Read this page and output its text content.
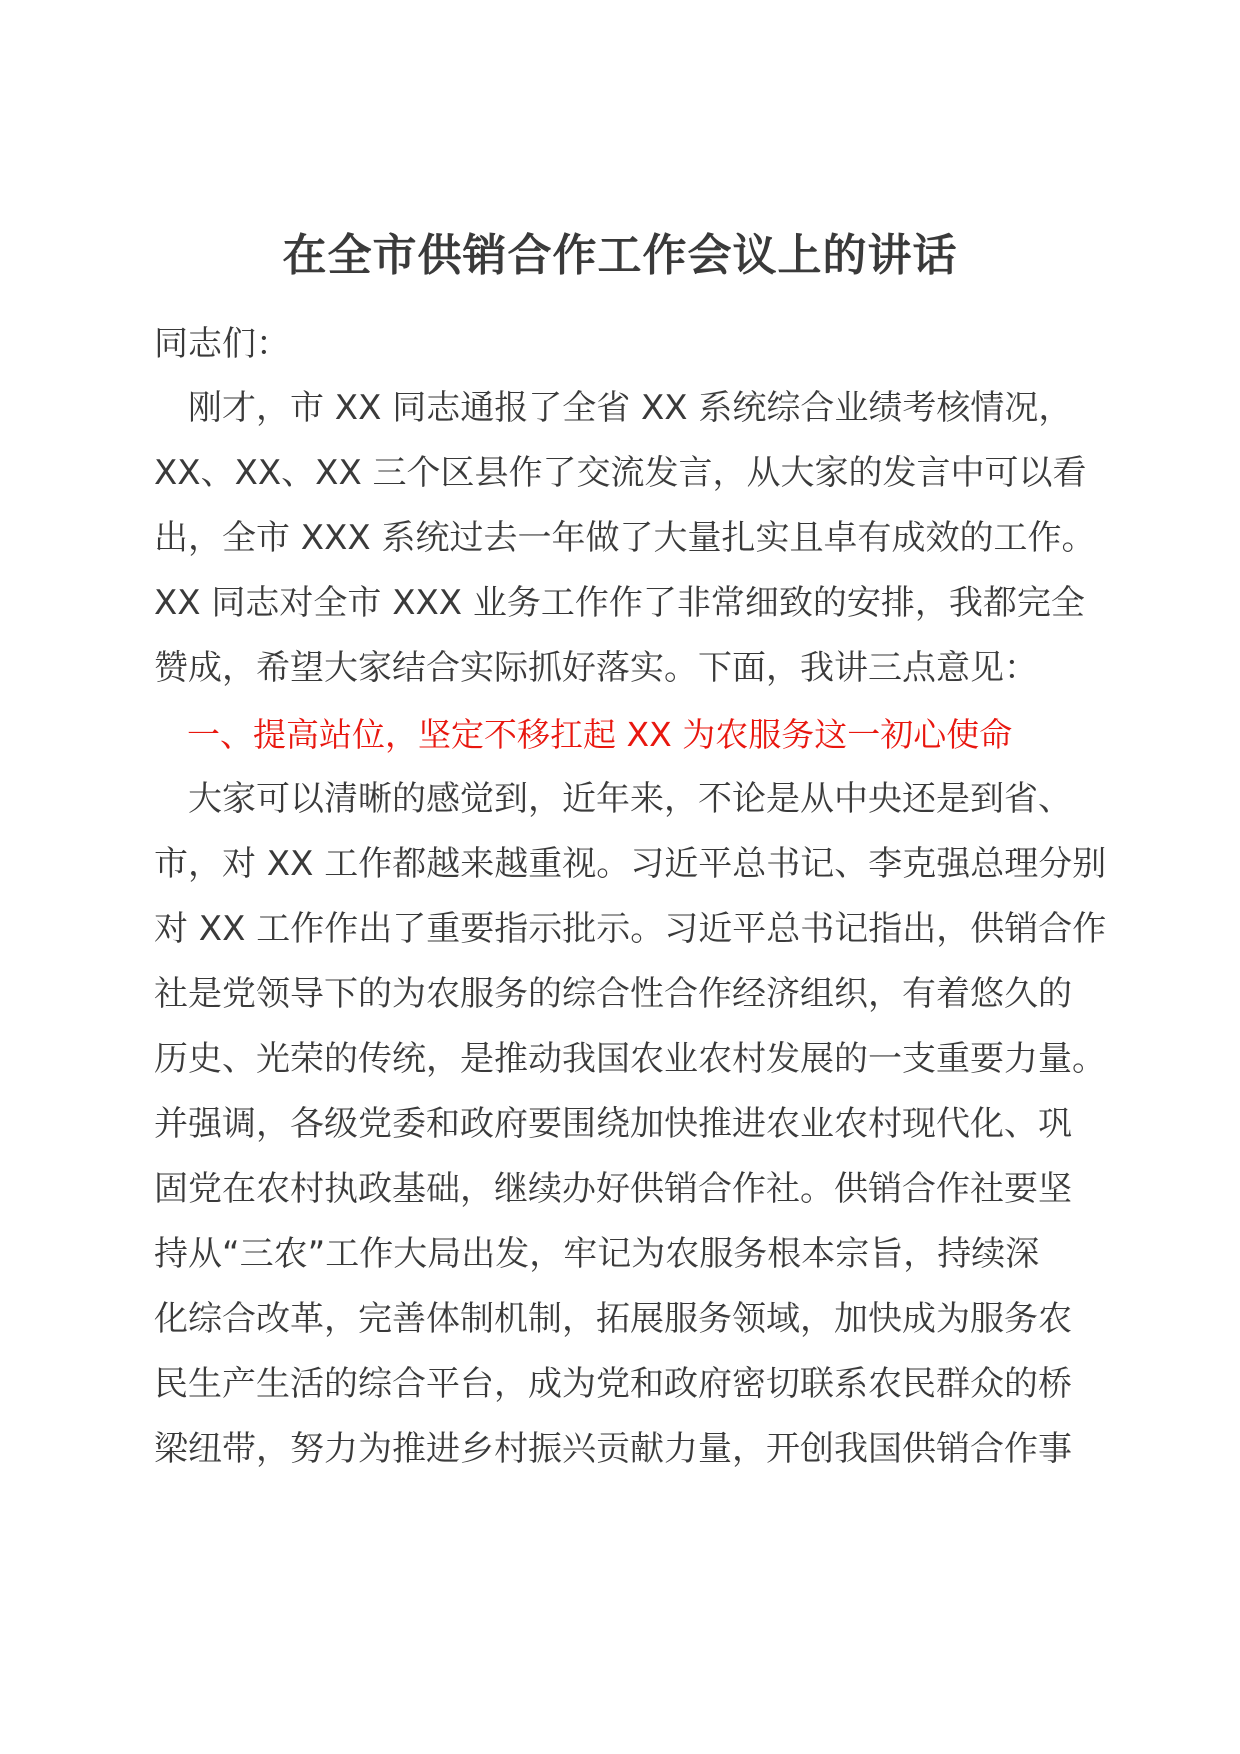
在全市供销合作工作会议上的讲话
同志们：
　刚才，市 XX 同志通报了全省 XX 系统综合业绩考核情况，
XX、XX、XX 三个区县作了交流发言，从大家的发言中可以看
出，全市 XXX 系统过去一年做了大量扎实且卓有成效的工作。
XX 同志对全市 XXX 业务工作作了非常细致的安排，我都完全
赞成，希望大家结合实际抓好落实。下面，我讲三点意见：
　一、提高站位，坚定不移扛起 XX 为农服务这一初心使命
　大家可以清晰的感觉到，近年来，不论是从中央还是到省、
市，对 XX 工作都越来越重视。习近平总书记、李克强总理分别
对 XX 工作作出了重要指示批示。习近平总书记指出，供销合作
社是党领导下的为农服务的综合性合作经济组织，有着悠久的
历史、光荣的传统，是推动我国农业农村发展的一支重要力量。
并强调，各级党委和政府要围绕加快推进农业农村现代化、巩
固党在农村执政基础，继续办好供销合作社。供销合作社要坚
持从“三农”工作大局出发，牢记为农服务根本宗旨，持续深
化综合改革，完善体制机制，拓展服务领域，加快成为服务农
民生产生活的综合平台，成为党和政府密切联系农民群众的桥
梁纽带，努力为推进乡村振兴贡献力量，开创我国供销合作事
